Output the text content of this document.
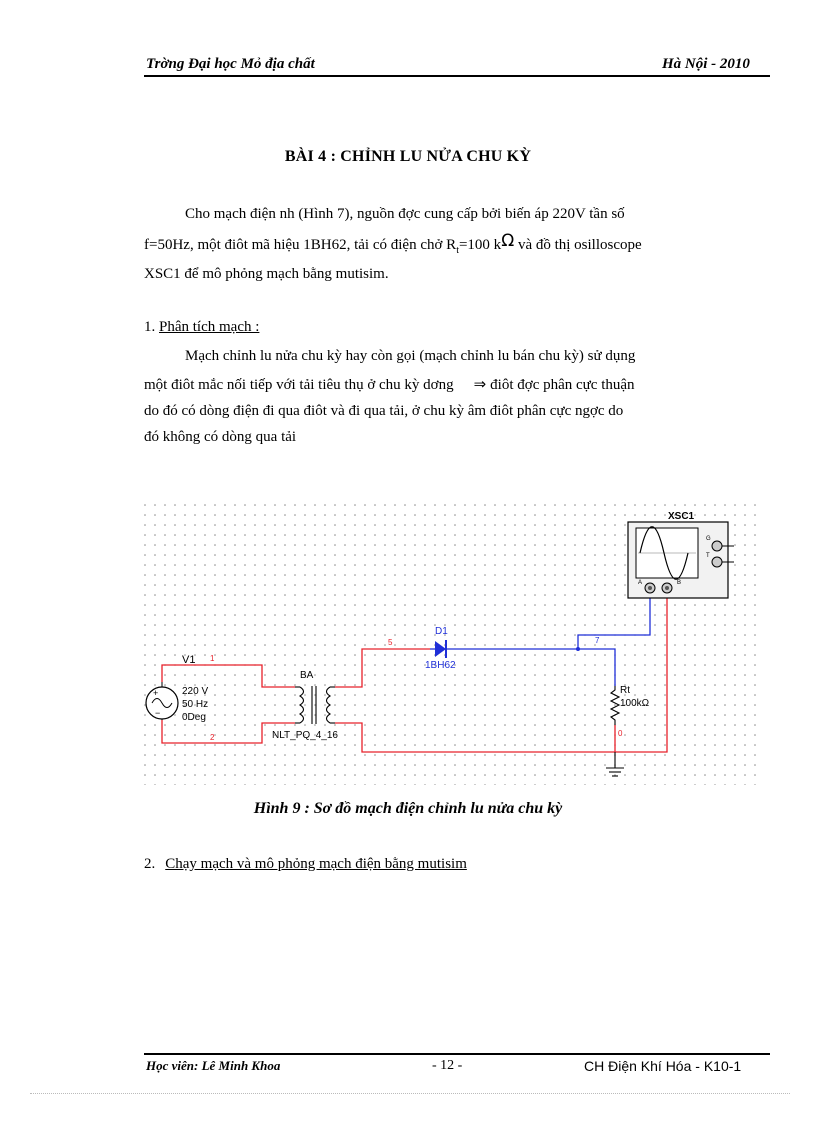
Trờng Đại học Mỏ địa chất	Hà Nội - 2010
BÀI 4 : CHỈNH LU NỬA CHU KỲ
Cho mạch điện nh (Hình 7), nguồn đợc cung cấp bởi biến áp 220V tần số
f=50Hz, một điôt mã hiệu 1BH62, tải có điện chở $R_t=100$ kΩ và đồ thị osilloscope
XSC1 để mô phỏng mạch bằng mutisim.
1. Phân tích mạch :
Mạch chỉnh lu nửa chu kỳ hay còn gọi (mạch chỉnh lu bán chu kỳ) sử dụng
một điôt mắc nối tiếp với tải tiêu thụ ở chu kỳ dơng ⇒ điôt đợc phân cực thuận
do đó có dòng điện đi qua điôt và đi qua tải, ở chu kỳ âm điôt phân cực ngợc do
đó không có dòng qua tải
+
−
V1
220 V
50 Hz
0Deg
BA
NLT_PQ_4_16
D1
1BH62
Rt
100kΩ
1
2
5	7
0
XSC1
G
T
A	B
Hình 9 : Sơ đồ mạch điện chỉnh lu nửa chu kỳ
2. Chạy mạch và mô phỏng mạch điện bằng mutisim
Học viên: Lê Minh Khoa	- 12 -	CH Điện Khí Hóa - K10-1
